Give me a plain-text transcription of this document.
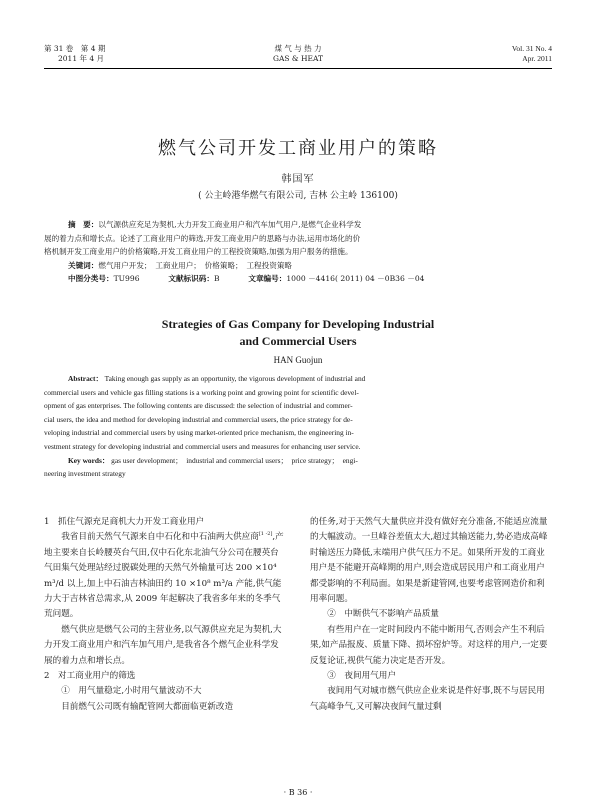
第 31 卷　第 4 期
2011 年 4 月
煤 气 与 热 力
GAS & HEAT
Vol. 31 No. 4
Apr. 2011
燃气公司开发工商业用户的策略
韩国军
( 公主岭港华燃气有限公司, 吉林 公主岭 136100)
摘　要：以气源供应充足为契机,大力开发工商业用户和汽车加气用户,是燃气企业科学发
展的着力点和增长点。论述了工商业用户的筛选,开发工商业用户的思路与办法,运用市场化的价
格机制开发工商业用户的价格策略,开发工商业用户的工程投资策略,加强为用户服务的措施。
关键词：燃气用户开发；　工商业用户；　价格策略；　工程投资策略
中图分类号：TU996	文献标识码：B	文章编号：1000 －4416( 2011) 04 －0B36 －04
Strategies of Gas Company for Developing Industrial
and Commercial Users
HAN Guojun
Abstract： Taking enough gas supply as an opportunity, the vigorous development of industrial and
commercial users and vehicle gas filling stations is a working point and growing point for scientific devel-
opment of gas enterprises. The following contents are discussed: the selection of industrial and commer-
cial users, the idea and method for developing industrial and commercial users, the price strategy for de-
veloping industrial and commercial users by using market-oriented price mechanism, the engineering in-
vestment strategy for developing industrial and commercial users and measures for enhancing user service.
Key words： gas user development；　industrial and commercial users；　price strategy；　engi-
neering investment strategy

1　抓住气源充足商机大力开发工商业用户

我省目前天然气气源来自中石化和中石油两大供应商[1 -2],产地主要来自长岭腰英台气田,仅中石化东北油气分公司在腰英台气田集气处理站经过脱碳处理的天然气外输量可达 200 ×10⁴ m³/d 以上,加上中石油吉林油田约 10 ×10⁸ m³/a 产能,供气能力大于吉林省总需求,从 2009 年起解决了我省多年来的冬季气荒问题。

燃气供应是燃气公司的主营业务,以气源供应充足为契机,大力开发工商业用户和汽车加气用户,是我省各个燃气企业科学发展的着力点和增长点。

2　对工商业用户的筛选

①　用气量稳定,小时用气量波动不大

目前燃气公司既有输配管网大都面临更新改造

的任务,对于天然气大量供应并没有做好充分准备,不能适应流量的大幅波动。一旦峰谷差值太大,超过其输送能力,势必造成高峰时输送压力降低,末端用户供气压力不足。如果所开发的工商业用户是不能避开高峰期的用户,则会造成居民用户和工商业用户都受影响的不利局面。如果是新建管网,也要考虑管网造价和利用率问题。

②　中断供气不影响产品质量

有些用户在一定时间段内不能中断用气,否则会产生不利后果,如产品报废、质量下降、损坏窑炉等。对这样的用户,一定要反复论证,视供气能力决定是否开发。

③　夜间用气用户

夜间用气对城市燃气供应企业来说是件好事,既不与居民用气高峰争气,又可解决夜间气量过剩

· B 36 ·
